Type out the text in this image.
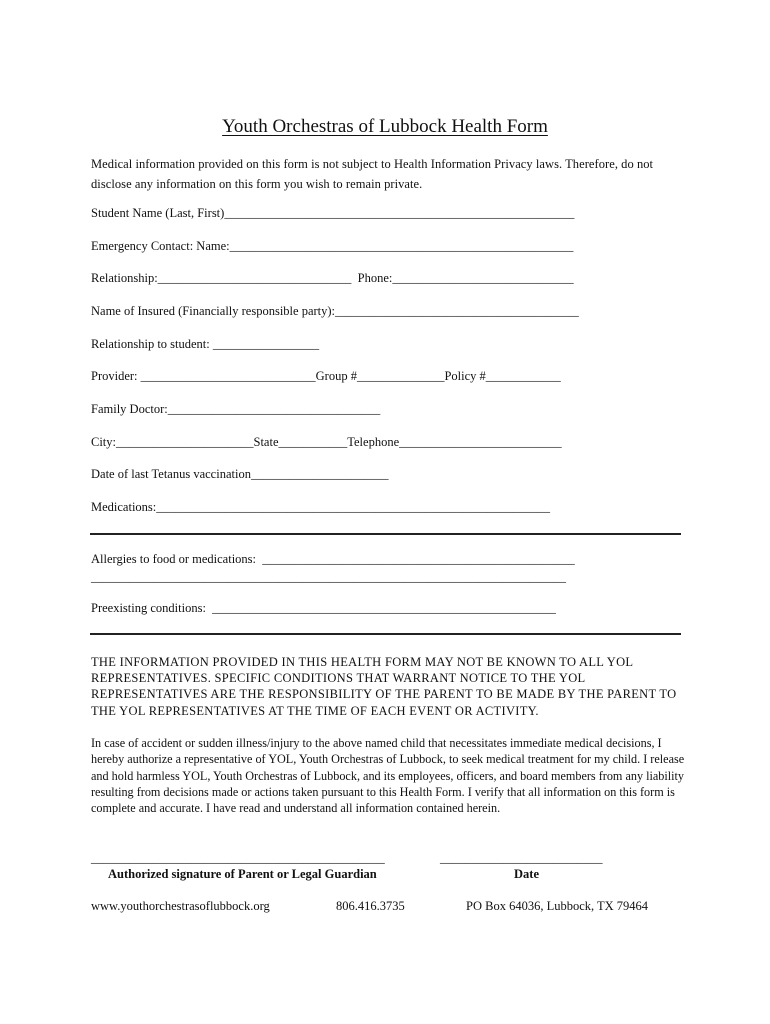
Youth Orchestras of Lubbock Health Form
Medical information provided on this form is not subject to Health Information Privacy laws. Therefore, do not disclose any information on this form you wish to remain private.
Student Name (Last, First)________________________________________________________
Emergency Contact: Name:_______________________________________________________
Relationship:_______________________________  Phone:_____________________________
Name of Insured (Financially responsible party):_______________________________________
Relationship to student: _________________
Provider: ____________________________Group #______________Policy #____________
Family Doctor:__________________________________
City:______________________State___________Telephone__________________________
Date of last Tetanus vaccination______________________
Medications:_______________________________________________________________
Allergies to food or medications:  __________________________________________________
____________________________________________________________________________
Preexisting conditions:  _______________________________________________________
THE INFORMATION PROVIDED IN THIS HEALTH FORM MAY NOT BE KNOWN TO ALL YOL REPRESENTATIVES. SPECIFIC CONDITIONS THAT WARRANT NOTICE TO THE YOL REPRESENTATIVES ARE THE RESPONSIBILITY OF THE PARENT TO BE MADE BY THE PARENT TO THE YOL REPRESENTATIVES AT THE TIME OF EACH EVENT OR ACTIVITY.
In case of accident or sudden illness/injury to the above named child that necessitates immediate medical decisions, I hereby authorize a representative of YOL, Youth Orchestras of Lubbock, to seek medical treatment for my child. I release and hold harmless YOL, Youth Orchestras of Lubbock, and its employees, officers, and board members from any liability resulting from decisions made or actions taken pursuant to this Health Form. I verify that all information on this form is complete and accurate. I have read and understand all information contained herein.
_______________________________________________	__________________________
Authorized signature of Parent or Legal Guardian	Date
www.youthorchestrasoflubbock.org	806.416.3735	PO Box 64036, Lubbock, TX 79464
